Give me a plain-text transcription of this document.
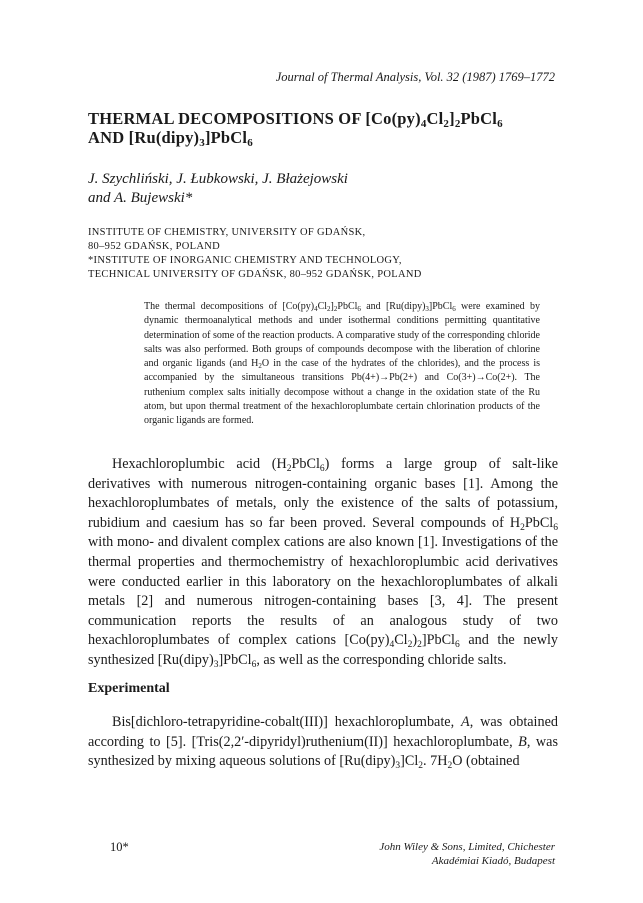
Journal of Thermal Analysis, Vol. 32 (1987) 1769–1772
THERMAL DECOMPOSITIONS OF $[Co(py)_4Cl_2]_2PbCl_6$
AND $[Ru(dipy)_3]PbCl_6$
J. Szychliński, J. Łubkowski, J. Błażejowski
and A. Bujewski*
INSTITUTE OF CHEMISTRY, UNIVERSITY OF GDAŃSK,
80–952 GDAŃSK, POLAND
*INSTITUTE OF INORGANIC CHEMISTRY AND TECHNOLOGY,
TECHNICAL UNIVERSITY OF GDAŃSK, 80–952 GDAŃSK, POLAND
The thermal decompositions of $[Co(py)_4Cl_2]_2PbCl_6$ and $[Ru(dipy)_3]PbCl_6$ were examined by dynamic thermoanalytical methods and under isothermal conditions permitting quantitative determination of some of the reaction products. A comparative study of the corresponding chloride salts was also performed. Both groups of compounds decompose with the liberation of chlorine and organic ligands (and $H_2O$ in the case of the hydrates of the chlorides), and the process is accompanied by the simultaneous transitions Pb(4+)→Pb(2+) and Co(3+)→Co(2+). The ruthenium complex salts initially decompose without a change in the oxidation state of the Ru atom, but upon thermal treatment of the hexachloroplumbate certain chlorination products of the organic ligands are formed.

Hexachloroplumbic acid $(H_2PbCl_6)$ forms a large group of salt-like derivatives with numerous nitrogen-containing organic bases [1]. Among the hexachloroplumbates of metals, only the existence of the salts of potassium, rubidium and caesium has so far been proved. Several compounds of $H_2PbCl_6$ with mono- and divalent complex cations are also known [1]. Investigations of the thermal properties and thermochemistry of hexachloroplumbic acid derivatives were conducted earlier in this laboratory on the hexachloroplumbates of alkali metals [2] and numerous nitrogen-containing bases [3, 4]. The present communication reports the results of an analogous study of two hexachloroplumbates of complex cations $[Co(py)_4Cl_2)_2]PbCl_6$ and the newly synthesized $[Ru(dipy)_3]PbCl_6$, as well as the corresponding chloride salts.

Experimental

Bis[dichloro-tetrapyridine-cobalt(III)] hexachloroplumbate, A, was obtained according to [5]. [Tris(2,2′-dipyridyl)ruthenium(II)] hexachloroplumbate, B, was synthesized by mixing aqueous solutions of $[Ru(dipy)_3]Cl_2$. $7H_2O$ (obtained

10*	John Wiley & Sons, Limited, Chichester
Akadémiai Kiadó, Budapest
